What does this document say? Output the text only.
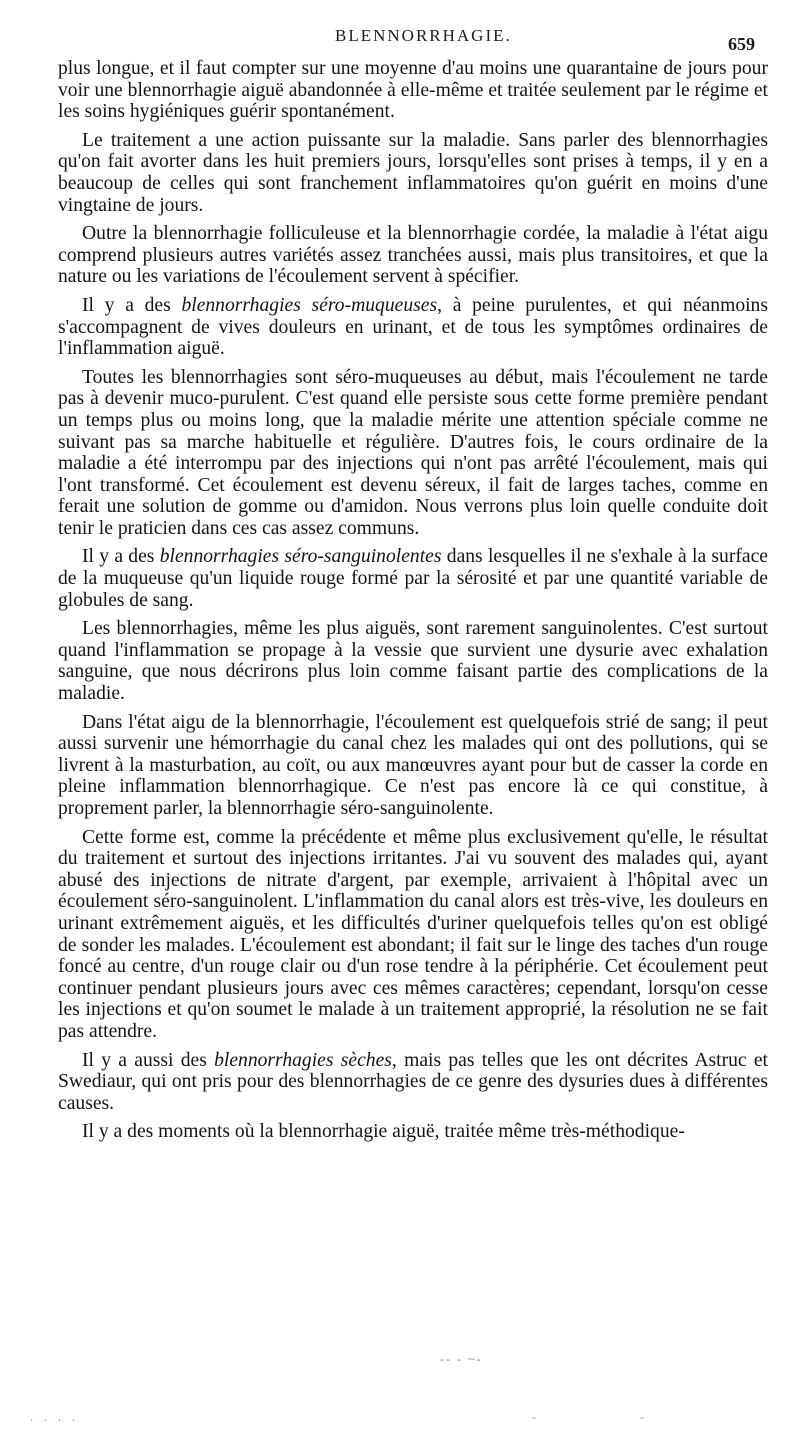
BLENNORRHAGIE.	659

plus longue, et il faut compter sur une moyenne d'au moins une quarantaine de jours pour voir une blennorrhagie aiguë abandonnée à elle-même et traitée seulement par le régime et les soins hygiéniques guérir spontanément.

Le traitement a une action puissante sur la maladie. Sans parler des blennorrhagies qu'on fait avorter dans les huit premiers jours, lorsqu'elles sont prises à temps, il y en a beaucoup de celles qui sont franchement inflammatoires qu'on guérit en moins d'une vingtaine de jours.

Outre la blennorrhagie folliculeuse et la blennorrhagie cordée, la maladie à l'état aigu comprend plusieurs autres variétés assez tranchées aussi, mais plus transitoires, et que la nature ou les variations de l'écoulement servent à spécifier.

Il y a des blennorrhagies séro-muqueuses, à peine purulentes, et qui néanmoins s'accompagnent de vives douleurs en urinant, et de tous les symptômes ordinaires de l'inflammation aiguë.

Toutes les blennorrhagies sont séro-muqueuses au début, mais l'écoulement ne tarde pas à devenir muco-purulent. C'est quand elle persiste sous cette forme première pendant un temps plus ou moins long, que la maladie mérite une attention spéciale comme ne suivant pas sa marche habituelle et régulière. D'autres fois, le cours ordinaire de la maladie a été interrompu par des injections qui n'ont pas arrêté l'écoulement, mais qui l'ont transformé. Cet écoulement est devenu séreux, il fait de larges taches, comme en ferait une solution de gomme ou d'amidon. Nous verrons plus loin quelle conduite doit tenir le praticien dans ces cas assez communs.

Il y a des blennorrhagies séro-sanguinolentes dans lesquelles il ne s'exhale à la surface de la muqueuse qu'un liquide rouge formé par la sérosité et par une quantité variable de globules de sang.

Les blennorrhagies, même les plus aiguës, sont rarement sanguinolentes. C'est surtout quand l'inflammation se propage à la vessie que survient une dysurie avec exhalation sanguine, que nous décrirons plus loin comme faisant partie des complications de la maladie.

Dans l'état aigu de la blennorrhagie, l'écoulement est quelquefois strié de sang; il peut aussi survenir une hémorrhagie du canal chez les malades qui ont des pollutions, qui se livrent à la masturbation, au coït, ou aux manœuvres ayant pour but de casser la corde en pleine inflammation blennorrhagique. Ce n'est pas encore là ce qui constitue, à proprement parler, la blennorrhagie séro-sanguinolente.

Cette forme est, comme la précédente et même plus exclusivement qu'elle, le résultat du traitement et surtout des injections irritantes. J'ai vu souvent des malades qui, ayant abusé des injections de nitrate d'argent, par exemple, arrivaient à l'hôpital avec un écoulement séro-sanguinolent. L'inflammation du canal alors est très-vive, les douleurs en urinant extrêmement aiguës, et les difficultés d'uriner quelquefois telles qu'on est obligé de sonder les malades. L'écoulement est abondant; il fait sur le linge des taches d'un rouge foncé au centre, d'un rouge clair ou d'un rose tendre à la périphérie. Cet écoulement peut continuer pendant plusieurs jours avec ces mêmes caractères; cependant, lorsqu'on cesse les injections et qu'on soumet le malade à un traitement approprié, la résolution ne se fait pas attendre.

Il y a aussi des blennorrhagies sèches, mais pas telles que les ont décrites Astruc et Swediaur, qui ont pris pour des blennorrhagies de ce genre des dysuries dues à différentes causes.

Il y a des moments où la blennorrhagie aiguë, traitée même très-méthodique-

-- - ~-
. . . .	-	-
